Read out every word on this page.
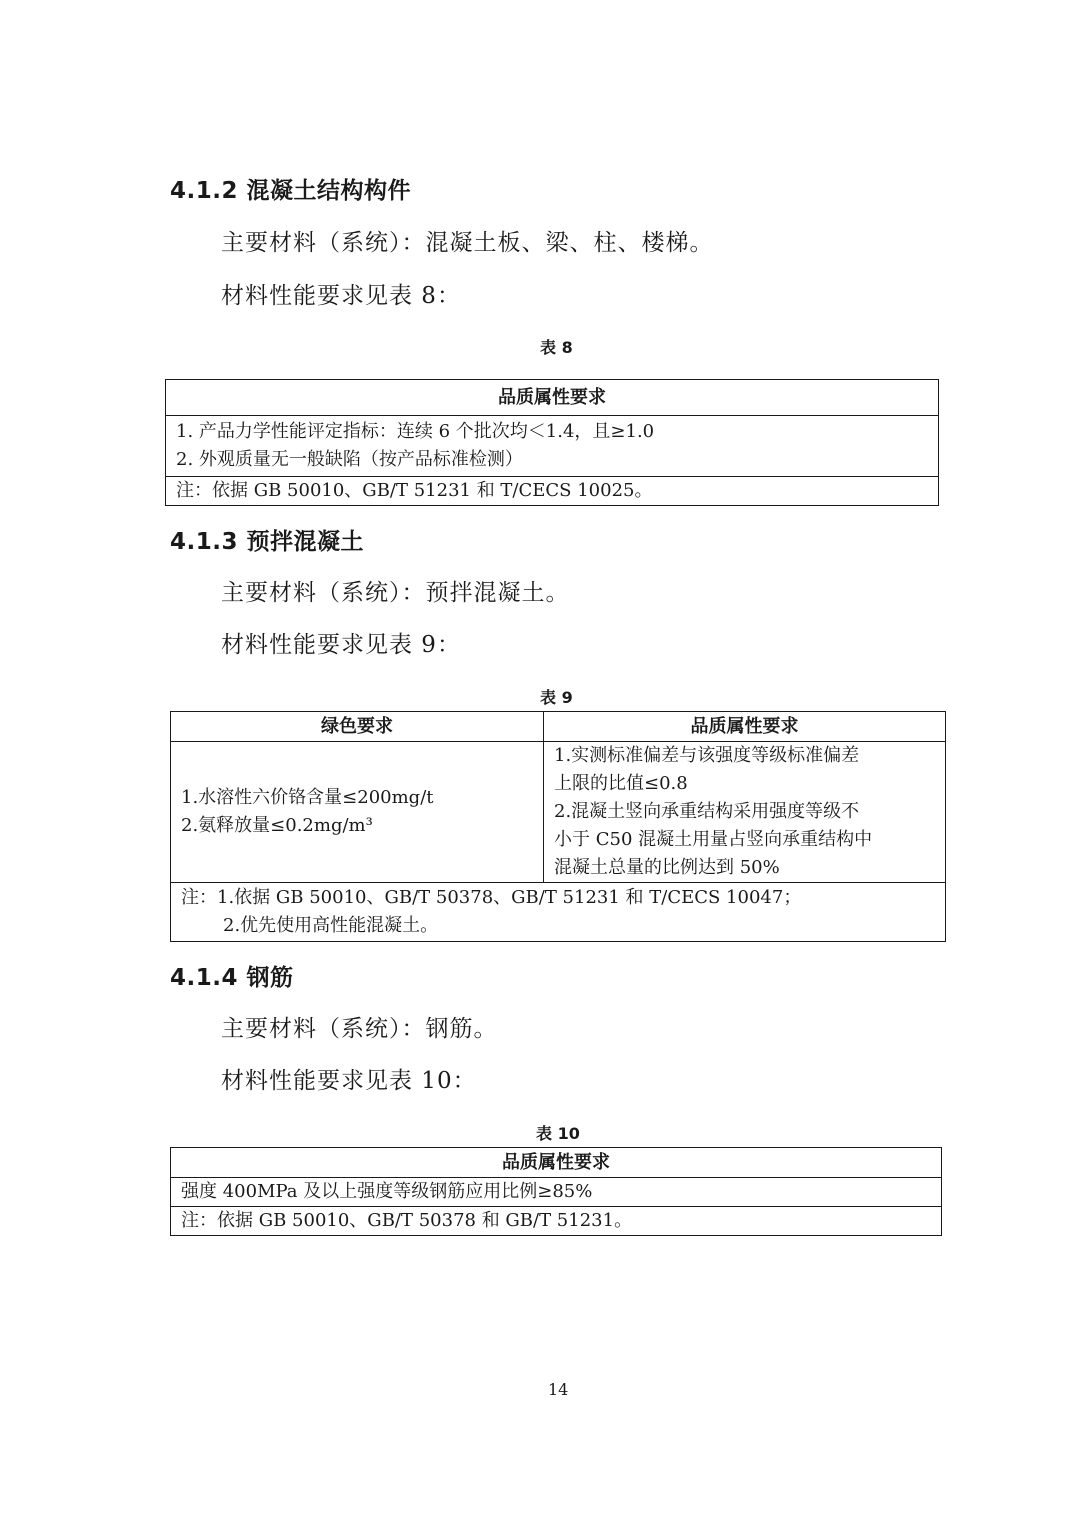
4.1.2 混凝土结构构件
主要材料（系统）：混凝土板、梁、柱、楼梯。
材料性能要求见表 8：
表 8
品质属性要求

1. 产品力学性能评定指标：连续 6 个批次均＜1.4，且≥1.0
2. 外观质量无一般缺陷（按产品标准检测）

注：依据 GB 50010、GB/T 51231 和 T/CECS 10025。
4.1.3 预拌混凝土
主要材料（系统）：预拌混凝土。
材料性能要求见表 9：
表 9
绿色要求	品质属性要求

1.水溶性六价铬含量≤200mg/t
2.氨释放量≤0.2mg/m³	1.实测标准偏差与该强度等级标准偏差
上限的比值≤0.8
2.混凝土竖向承重结构采用强度等级不
小于 C50 混凝土用量占竖向承重结构中
混凝土总量的比例达到 50%

注：1.依据 GB 50010、GB/T 50378、GB/T 51231 和 T/CECS 10047；
2.优先使用高性能混凝土。	
4.1.4 钢筋
主要材料（系统）：钢筋。
材料性能要求见表 10：
表 10
品质属性要求
强度 400MPa 及以上强度等级钢筋应用比例≥85%
注：依据 GB 50010、GB/T 50378 和 GB/T 51231。
14
